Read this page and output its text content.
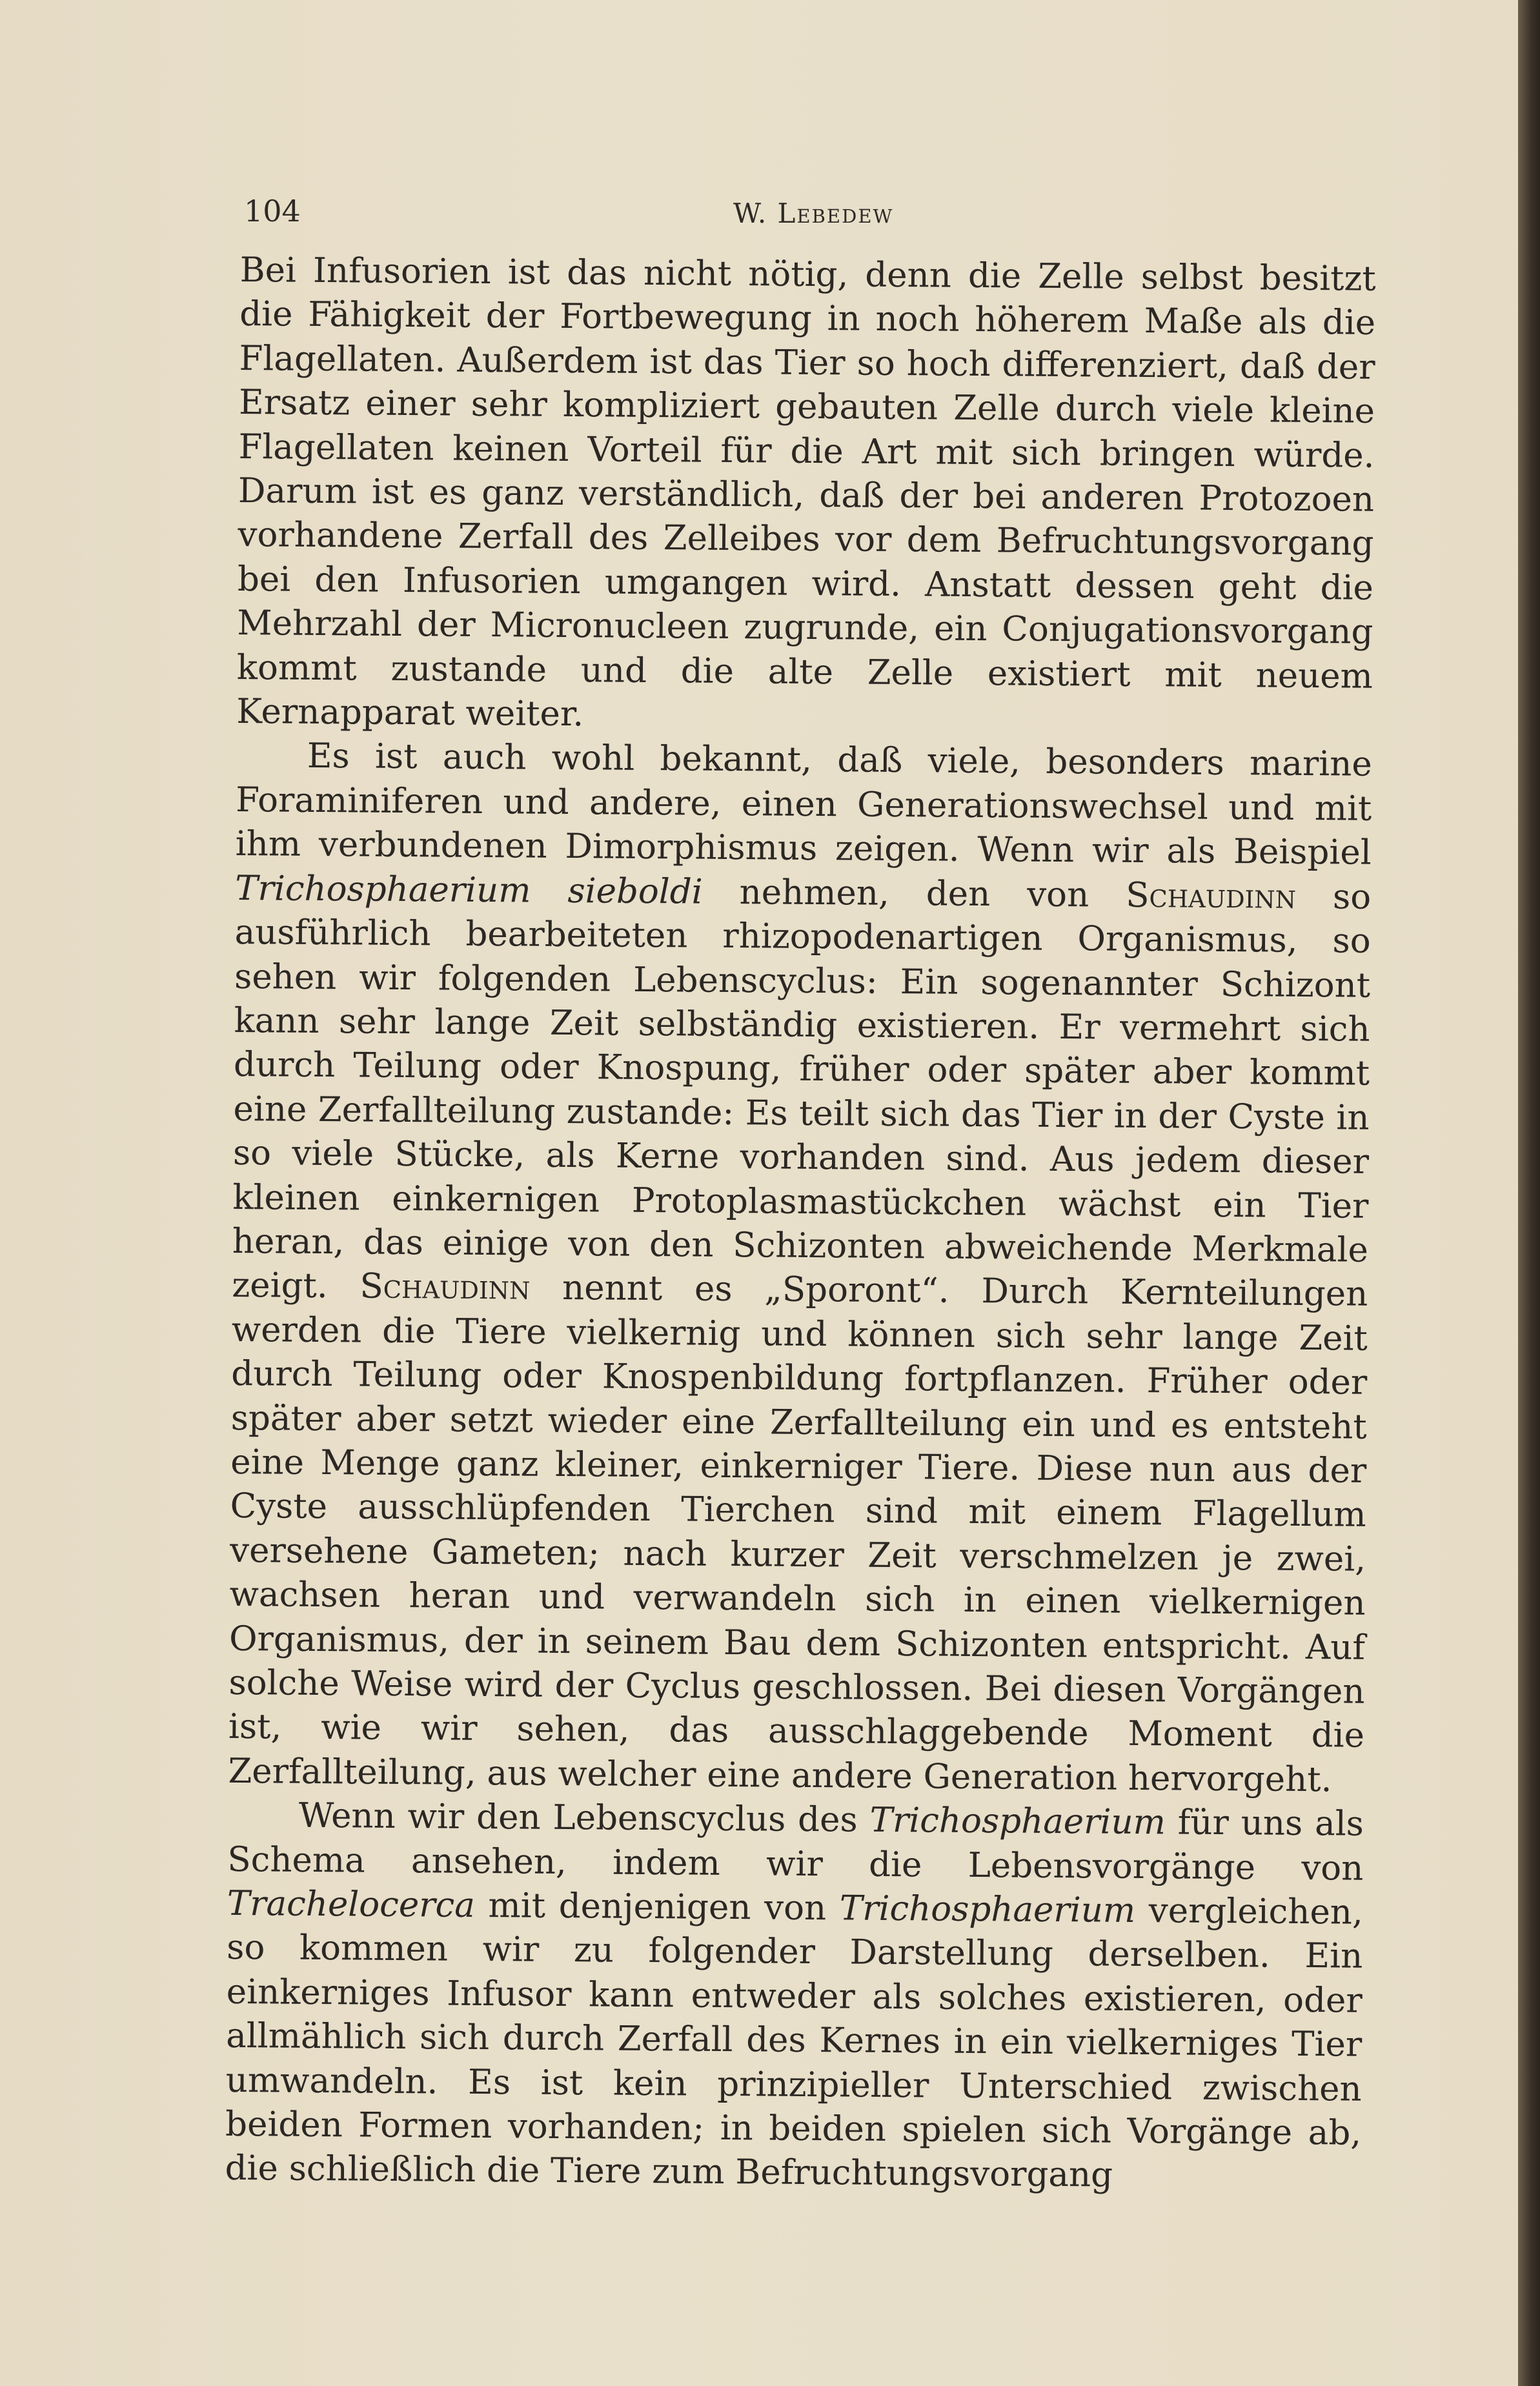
104	W. Lebedew

Bei Infusorien ist das nicht nötig, denn die Zelle selbst besitzt die Fähigkeit der Fortbewegung in noch höherem Maße als die Flagellaten. Außerdem ist das Tier so hoch differenziert, daß der Ersatz einer sehr kompliziert gebauten Zelle durch viele kleine Flagellaten keinen Vorteil für die Art mit sich bringen würde. Darum ist es ganz verständlich, daß der bei anderen Protozoen vorhandene Zerfall des Zelleibes vor dem Befruchtungsvorgang bei den Infusorien umgangen wird. Anstatt dessen geht die Mehrzahl der Micronucleen zugrunde, ein Conjugationsvorgang kommt zustande und die alte Zelle existiert mit neuem Kernapparat weiter.

Es ist auch wohl bekannt, daß viele, besonders marine Foraminiferen und andere, einen Generationswechsel und mit ihm verbundenen Dimorphismus zeigen. Wenn wir als Beispiel Trichosphaerium sieboldi nehmen, den von Schaudinn so ausführlich bearbeiteten rhizopodenartigen Organismus, so sehen wir folgenden Lebenscyclus: Ein sogenannter Schizont kann sehr lange Zeit selbständig existieren. Er vermehrt sich durch Teilung oder Knospung, früher oder später aber kommt eine Zerfallteilung zustande: Es teilt sich das Tier in der Cyste in so viele Stücke, als Kerne vorhanden sind. Aus jedem dieser kleinen einkernigen Protoplasmastückchen wächst ein Tier heran, das einige von den Schizonten abweichende Merkmale zeigt. Schaudinn nennt es „Sporont“. Durch Kernteilungen werden die Tiere vielkernig und können sich sehr lange Zeit durch Teilung oder Knospenbildung fortpflanzen. Früher oder später aber setzt wieder eine Zerfallteilung ein und es entsteht eine Menge ganz kleiner, einkerniger Tiere. Diese nun aus der Cyste ausschlüpfenden Tierchen sind mit einem Flagellum versehene Gameten; nach kurzer Zeit verschmelzen je zwei, wachsen heran und verwandeln sich in einen vielkernigen Organismus, der in seinem Bau dem Schizonten entspricht. Auf solche Weise wird der Cyclus geschlossen. Bei diesen Vorgängen ist, wie wir sehen, das ausschlaggebende Moment die Zerfallteilung, aus welcher eine andere Generation hervorgeht.

Wenn wir den Lebenscyclus des Trichosphaerium für uns als Schema ansehen, indem wir die Lebensvorgänge von Trachelocerca mit denjenigen von Trichosphaerium vergleichen, so kommen wir zu folgender Darstellung derselben. Ein einkerniges Infusor kann entweder als solches existieren, oder allmählich sich durch Zerfall des Kernes in ein vielkerniges Tier umwandeln. Es ist kein prinzipieller Unterschied zwischen beiden Formen vorhanden; in beiden spielen sich Vorgänge ab, die schließlich die Tiere zum Befruchtungsvorgang
